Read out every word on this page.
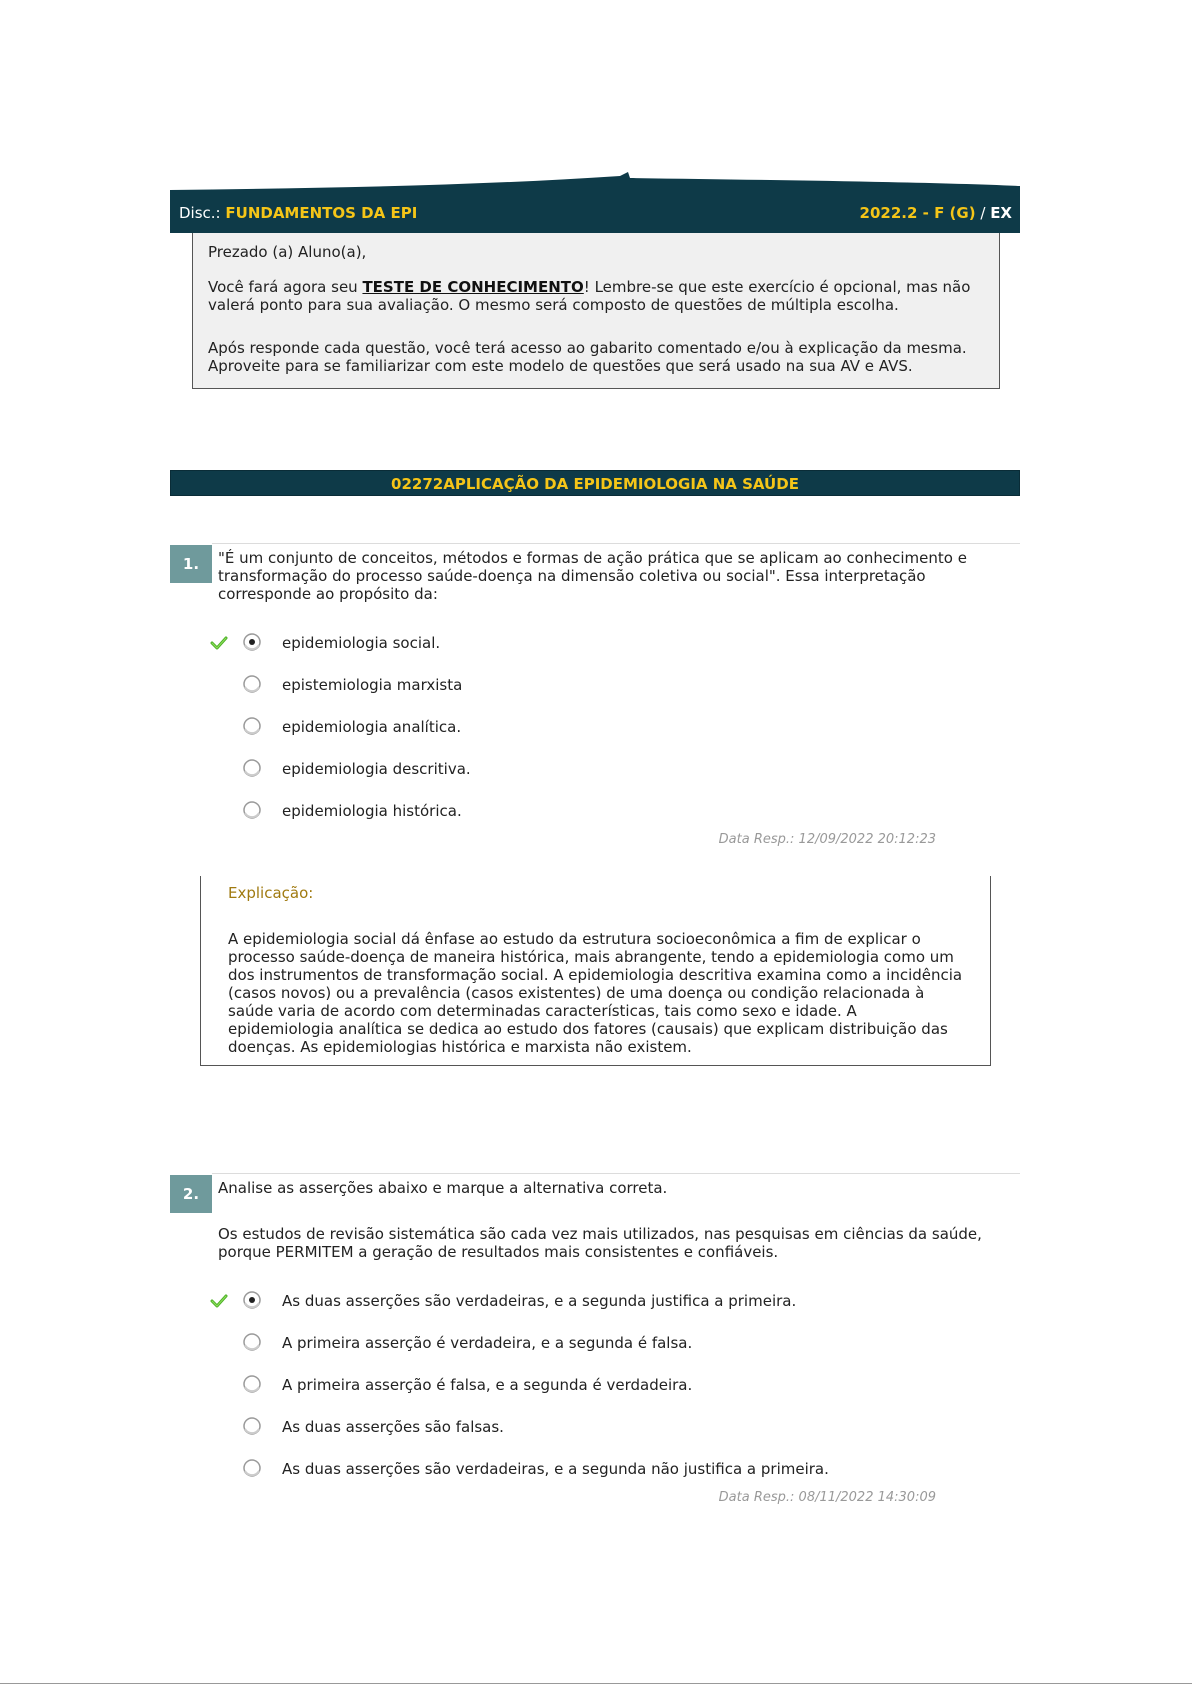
Disc.: FUNDAMENTOS DA EPI	2022.2 - F (G) / EX

Prezado (a) Aluno(a),

Você fará agora seu TESTE DE CONHECIMENTO! Lembre-se que este exercício é opcional, mas não valerá ponto para sua avaliação. O mesmo será composto de questões de múltipla escolha.

Após responde cada questão, você terá acesso ao gabarito comentado e/ou à explicação da mesma. Aproveite para se familiarizar com este modelo de questões que será usado na sua AV e AVS.

02272APLICAÇÃO DA EPIDEMIOLOGIA NA SAÚDE
1.	"É um conjunto de conceitos, métodos e formas de ação prática que se aplicam ao conhecimento e transformação do processo saúde-doença na dimensão coletiva ou social". Essa interpretação corresponde ao propósito da:

epidemiologia social.
epistemiologia marxista
epidemiologia analítica.
epidemiologia descritiva.
epidemiologia histórica.
Data Resp.: 12/09/2022 20:12:23
Explicação:
A epidemiologia social dá ênfase ao estudo da estrutura socioeconômica a fim de explicar o processo saúde-doença de maneira histórica, mais abrangente, tendo a epidemiologia como um dos instrumentos de transformação social. A epidemiologia descritiva examina como a incidência (casos novos) ou a prevalência (casos existentes) de uma doença ou condição relacionada à saúde varia de acordo com determinadas características, tais como sexo e idade. A epidemiologia analítica se dedica ao estudo dos fatores (causais) que explicam distribuição das doenças. As epidemiologias histórica e marxista não existem.
2.	Analise as asserções abaixo e marque a alternativa correta.

Os estudos de revisão sistemática são cada vez mais utilizados, nas pesquisas em ciências da saúde, porque PERMITEM a geração de resultados mais consistentes e confiáveis.

As duas asserções são verdadeiras, e a segunda justifica a primeira.
A primeira asserção é verdadeira, e a segunda é falsa.
A primeira asserção é falsa, e a segunda é verdadeira.
As duas asserções são falsas.
As duas asserções são verdadeiras, e a segunda não justifica a primeira.
Data Resp.: 08/11/2022 14:30:09
